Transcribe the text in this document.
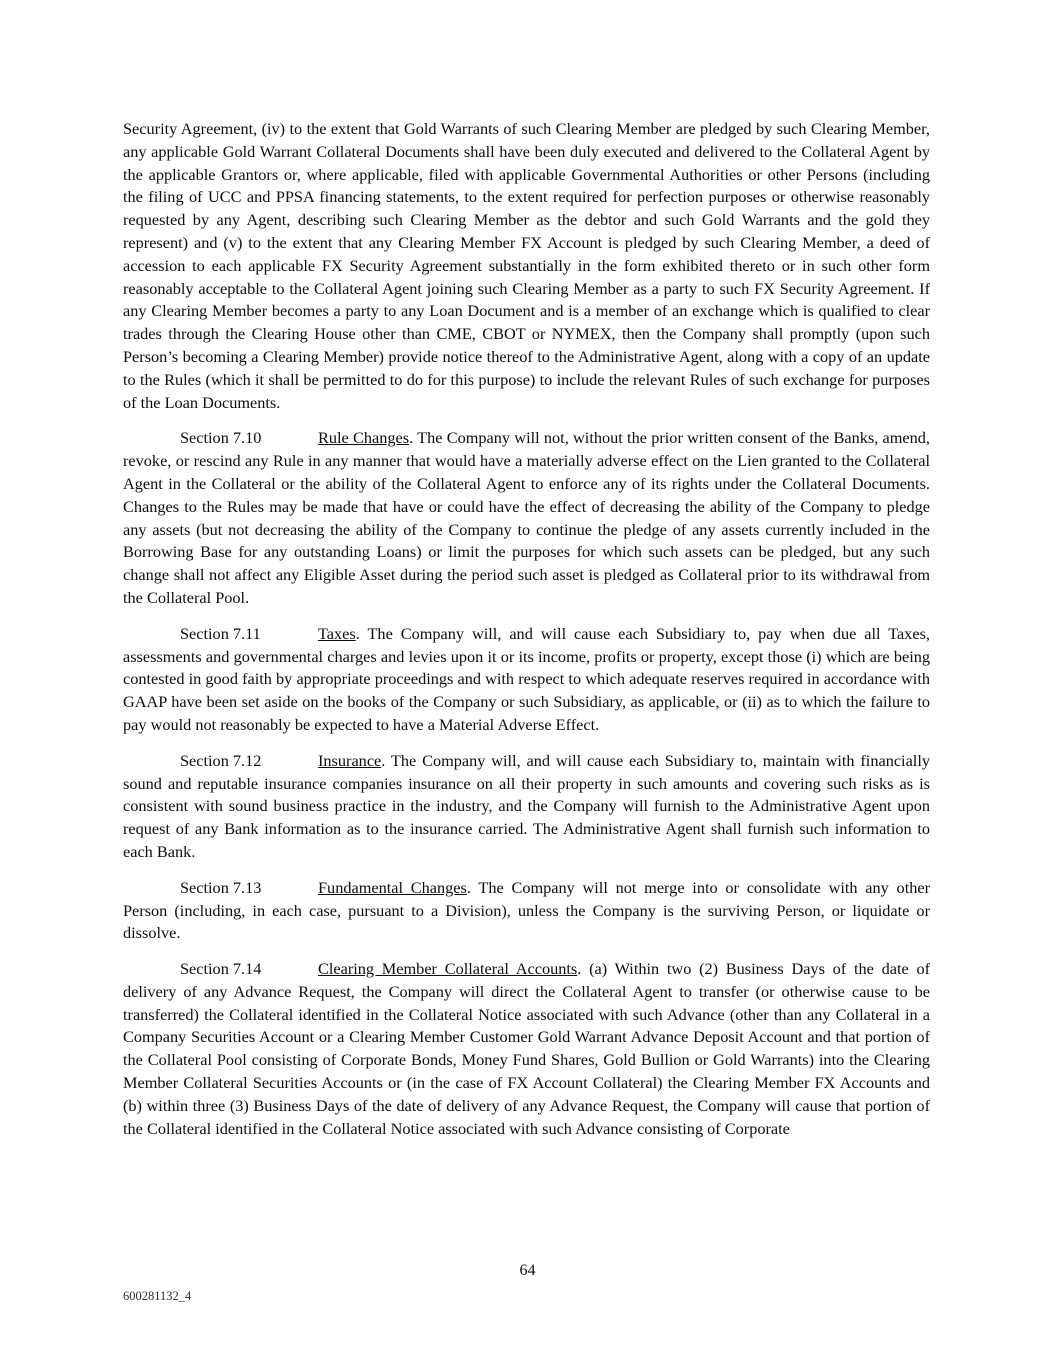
Security Agreement, (iv) to the extent that Gold Warrants of such Clearing Member are pledged by such Clearing Member, any applicable Gold Warrant Collateral Documents shall have been duly executed and delivered to the Collateral Agent by the applicable Grantors or, where applicable, filed with applicable Governmental Authorities or other Persons (including the filing of UCC and PPSA financing statements, to the extent required for perfection purposes or otherwise reasonably requested by any Agent, describing such Clearing Member as the debtor and such Gold Warrants and the gold they represent) and (v) to the extent that any Clearing Member FX Account is pledged by such Clearing Member, a deed of accession to each applicable FX Security Agreement substantially in the form exhibited thereto or in such other form reasonably acceptable to the Collateral Agent joining such Clearing Member as a party to such FX Security Agreement. If any Clearing Member becomes a party to any Loan Document and is a member of an exchange which is qualified to clear trades through the Clearing House other than CME, CBOT or NYMEX, then the Company shall promptly (upon such Person’s becoming a Clearing Member) provide notice thereof to the Administrative Agent, along with a copy of an update to the Rules (which it shall be permitted to do for this purpose) to include the relevant Rules of such exchange for purposes of the Loan Documents.

Section 7.10	Rule Changes. The Company will not, without the prior written consent of the Banks, amend, revoke, or rescind any Rule in any manner that would have a materially adverse effect on the Lien granted to the Collateral Agent in the Collateral or the ability of the Collateral Agent to enforce any of its rights under the Collateral Documents. Changes to the Rules may be made that have or could have the effect of decreasing the ability of the Company to pledge any assets (but not decreasing the ability of the Company to continue the pledge of any assets currently included in the Borrowing Base for any outstanding Loans) or limit the purposes for which such assets can be pledged, but any such change shall not affect any Eligible Asset during the period such asset is pledged as Collateral prior to its withdrawal from the Collateral Pool.

Section 7.11	Taxes. The Company will, and will cause each Subsidiary to, pay when due all Taxes, assessments and governmental charges and levies upon it or its income, profits or property, except those (i) which are being contested in good faith by appropriate proceedings and with respect to which adequate reserves required in accordance with GAAP have been set aside on the books of the Company or such Subsidiary, as applicable, or (ii) as to which the failure to pay would not reasonably be expected to have a Material Adverse Effect.

Section 7.12	Insurance. The Company will, and will cause each Subsidiary to, maintain with financially sound and reputable insurance companies insurance on all their property in such amounts and covering such risks as is consistent with sound business practice in the industry, and the Company will furnish to the Administrative Agent upon request of any Bank information as to the insurance carried. The Administrative Agent shall furnish such information to each Bank.

Section 7.13	Fundamental Changes. The Company will not merge into or consolidate with any other Person (including, in each case, pursuant to a Division), unless the Company is the surviving Person, or liquidate or dissolve.

Section 7.14	Clearing Member Collateral Accounts. (a) Within two (2) Business Days of the date of delivery of any Advance Request, the Company will direct the Collateral Agent to transfer (or otherwise cause to be transferred) the Collateral identified in the Collateral Notice associated with such Advance (other than any Collateral in a Company Securities Account or a Clearing Member Customer Gold Warrant Advance Deposit Account and that portion of the Collateral Pool consisting of Corporate Bonds, Money Fund Shares, Gold Bullion or Gold Warrants) into the Clearing Member Collateral Securities Accounts or (in the case of FX Account Collateral) the Clearing Member FX Accounts and (b) within three (3) Business Days of the date of delivery of any Advance Request, the Company will cause that portion of the Collateral identified in the Collateral Notice associated with such Advance consisting of Corporate

64
600281132_4
